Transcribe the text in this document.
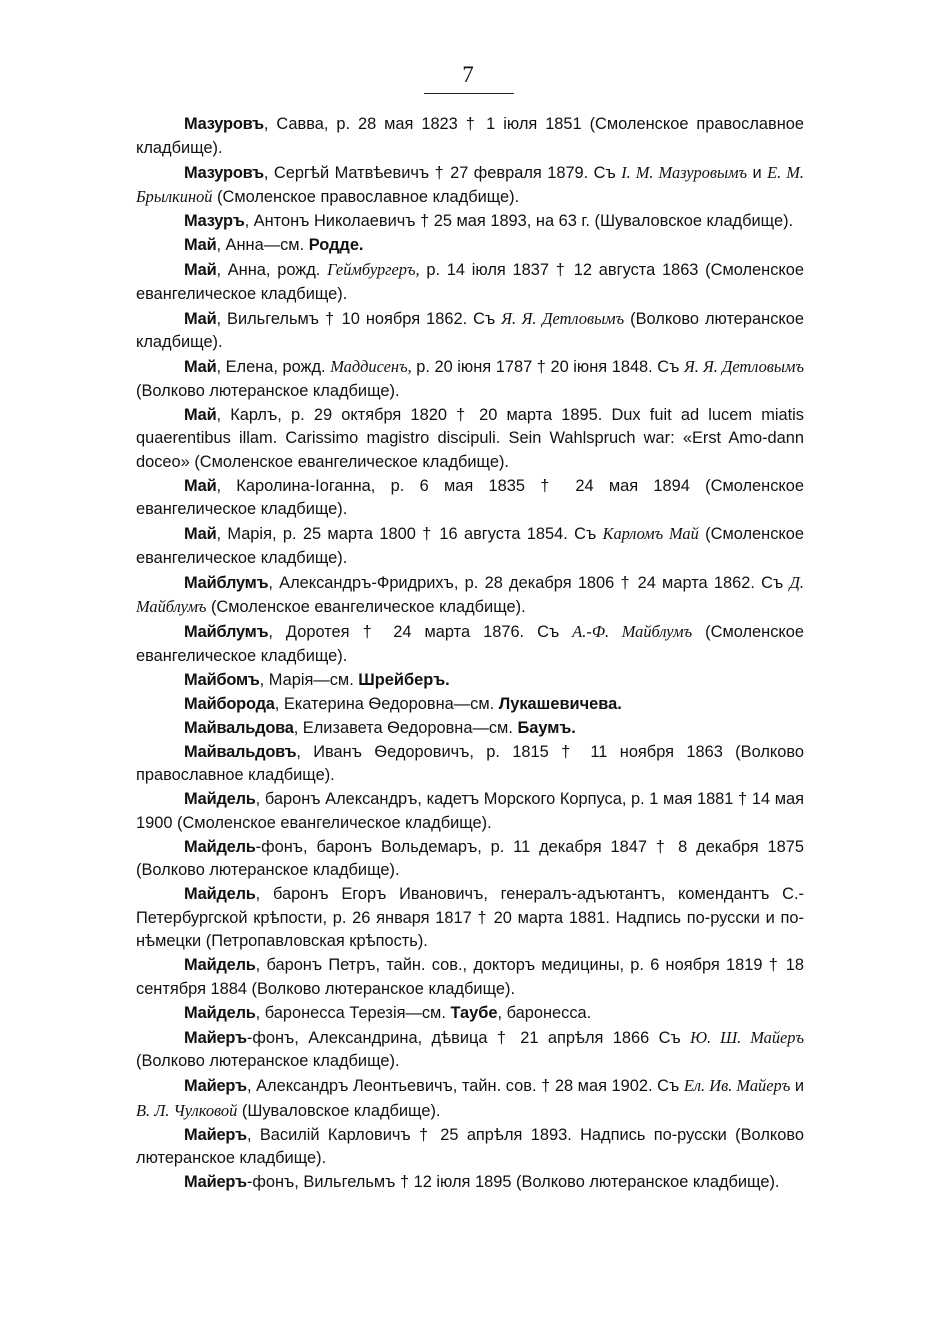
7

Мазуровъ, Савва, р. 28 мая 1823 † 1 іюля 1851 (Смоленское православное кладбище).

Мазуровъ, Сергѣй Матвѣевичъ † 27 февраля 1879. Съ І. М. Мазуровымъ и Е. М. Брылкиной (Смоленское православное кладбище).

Мазуръ, Антонъ Николаевичъ † 25 мая 1893, на 63 г. (Шуваловское кладбище).

Май, Анна—см. Родде.

Май, Анна, рожд. Геймбургеръ, р. 14 іюля 1837 † 12 августа 1863 (Смоленское евангелическое кладбище).

Май, Вильгельмъ † 10 ноября 1862. Съ Я. Я. Детловымъ (Волково лютеранское кладбище).

Май, Елена, рожд. Маддисенъ, р. 20 іюня 1787 † 20 іюня 1848. Съ Я. Я. Детловымъ (Волково лютеранское кладбище).

Май, Карлъ, р. 29 октября 1820 † 20 марта 1895. Dux fuit ad lucem miatis quaerentibus illam. Carissimo magistro discipuli. Sein Wahlspruch war: «Erst Amo-dann doceo» (Смоленское евангелическое кладбище).

Май, Каролина-Іоганна, р. 6 мая 1835 † 24 мая 1894 (Смоленское евангелическое кладбище).

Май, Марія, р. 25 марта 1800 † 16 августа 1854. Съ Карломъ Май (Смоленское евангелическое кладбище).

Майблумъ, Александръ-Фридрихъ, р. 28 декабря 1806 † 24 марта 1862. Съ Д. Майблумъ (Смоленское евангелическое кладбище).

Майблумъ, Доротея † 24 марта 1876. Съ А.-Ф. Майблумъ (Смоленское евангелическое кладбище).

Майбомъ, Марія—см. Шрейберъ.

Майборода, Екатерина Ѳедоровна—см. Лукашевичева.

Майвальдова, Елизавета Ѳедоровна—см. Баумъ.

Майвальдовъ, Иванъ Ѳедоровичъ, р. 1815 † 11 ноября 1863 (Волково православное кладбище).

Майдель, баронъ Александръ, кадетъ Морского Корпуса, р. 1 мая 1881 † 14 мая 1900 (Смоленское евангелическое кладбище).

Майдель-фонъ, баронъ Вольдемаръ, р. 11 декабря 1847 † 8 декабря 1875 (Волково лютеранское кладбище).

Майдель, баронъ Егоръ Ивановичъ, генералъ-адъютантъ, комендантъ С.-Петербургской крѣпости, р. 26 января 1817 † 20 марта 1881. Надпись по-русски и по-нѣмецки (Петропавловская крѣпость).

Майдель, баронъ Петръ, тайн. сов., докторъ медицины, р. 6 ноября 1819 † 18 сентября 1884 (Волково лютеранское кладбище).

Майдель, баронесса Терезія—см. Таубе, баронесса.

Майеръ-фонъ, Александрина, дѣвица † 21 апрѣля 1866 Съ Ю. Ш. Майеръ (Волково лютеранское кладбище).

Майеръ, Александръ Леонтьевичъ, тайн. сов. † 28 мая 1902. Съ Ел. Ив. Майеръ и В. Л. Чулковой (Шуваловское кладбище).

Майеръ, Василій Карловичъ † 25 апрѣля 1893. Надпись по-русски (Волково лютеранское кладбище).

Майеръ-фонъ, Вильгельмъ † 12 іюля 1895 (Волково лютеранское кладбище).
